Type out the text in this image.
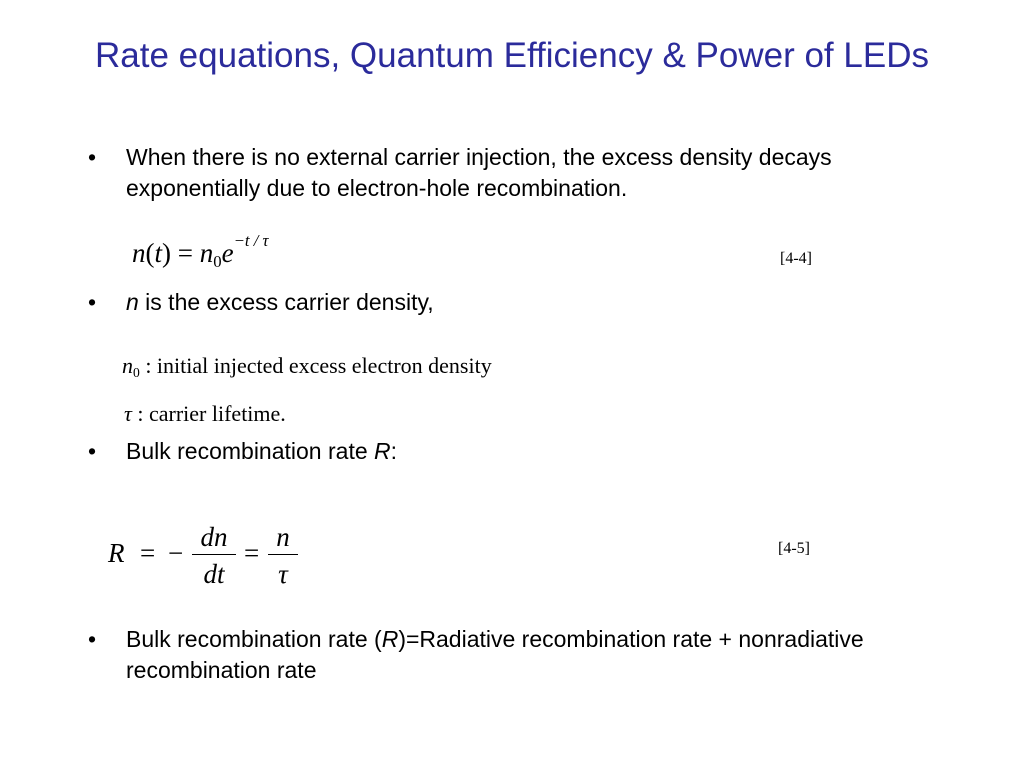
Rate equations, Quantum Efficiency & Power of LEDs
•	When there is no external carrier injection, the excess density decays exponentially due to electron-hole recombination.
$n(t) = n_0e^{-t / \tau}$
[4-4]
•	n is the excess carrier density,
$n_0$ : initial injected excess electron density
τ : carrier lifetime.
•	Bulk recombination rate R:
R = −
dn
dt
=
n
τ
[4-5]
•	Bulk recombination rate (R)=Radiative recombination rate + nonradiative recombination rate
